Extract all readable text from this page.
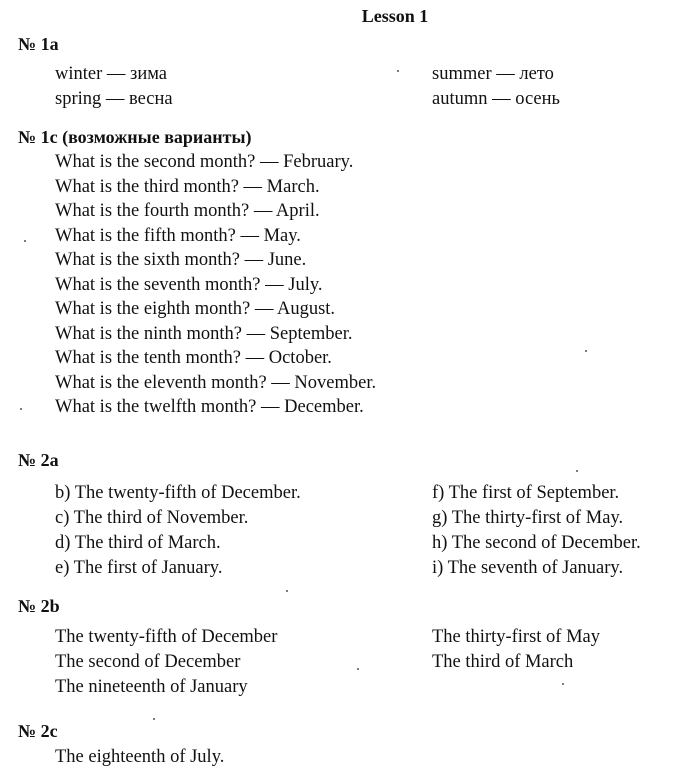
Lesson 1
№ 1a
winter — зима
spring — весна
summer — лето
autumn — осень
№ 1c (возможные варианты)
What is the second month? — February.
What is the third month? — March.
What is the fourth month? — April.
What is the fifth month? — May.
What is the sixth month? — June.
What is the seventh month? — July.
What is the eighth month? — August.
What is the ninth month? — September.
What is the tenth month? — October.
What is the eleventh month? — November.
What is the twelfth month? — December.
№ 2a
b) The twenty-fifth of December.
c) The third of November.
d) The third of March.
e) The first of January.
f) The first of September.
g) The thirty-first of May.
h) The second of December.
i) The seventh of January.
№ 2b
The twenty-fifth of December
The second of December
The nineteenth of January
The thirty-first of May
The third of March
№ 2c
The eighteenth of July.
